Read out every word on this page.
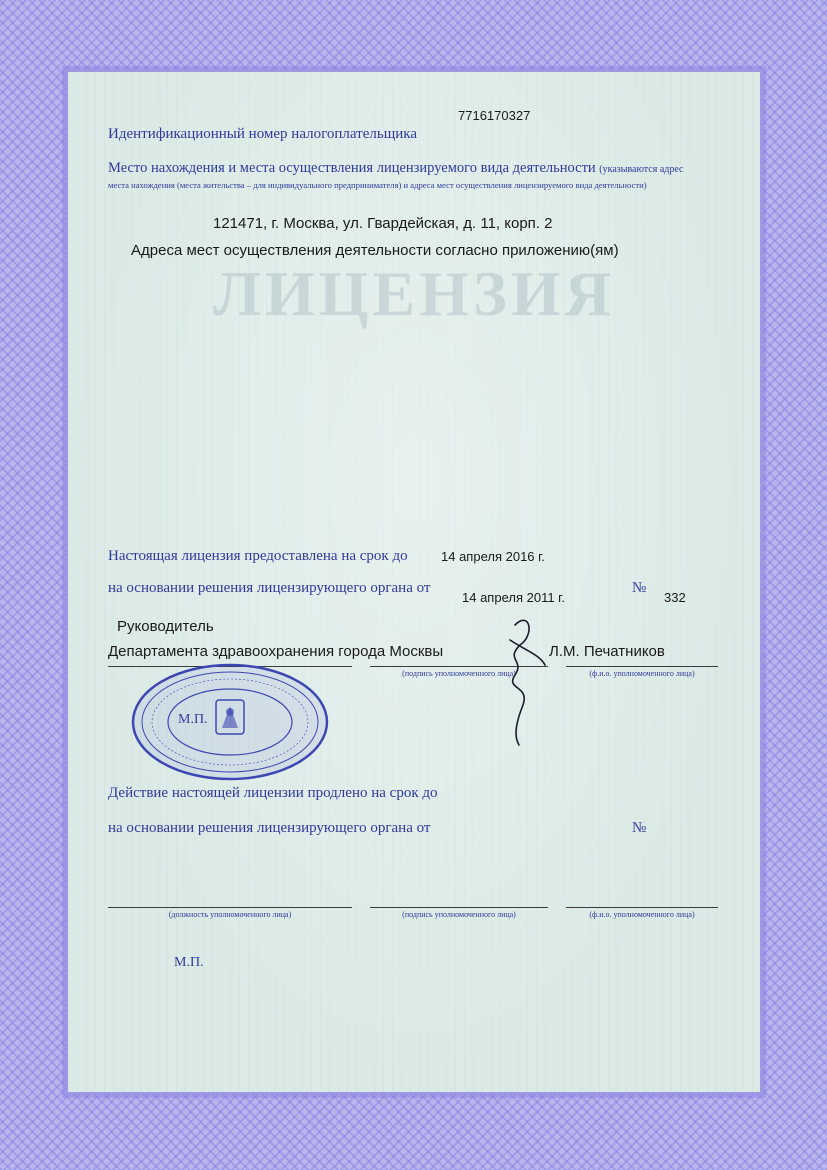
ЛИЦЕНЗИЯ
7716170327
Идентификационный номер налогоплательщика
Место нахождения и места осуществления лицензируемого вида деятельности (указываются адрес
места нахождения (места жительства – для индивидуального предпринимателя) и адреса мест осуществления лицензируемого вида деятельности)
121471, г. Москва, ул. Гвардейская, д. 11, корп. 2
Адреса мест осуществления деятельности согласно приложению(ям)
Настоящая лицензия предоставлена на срок до	14 апреля 2016 г.
на основании решения лицензирующего органа от
14 апреля 2011 г.
№
332
Руководитель
Департамента здравоохранения города Москвы	Л.М. Печатников
(подпись уполномоченного лица)	(ф.и.о. уполномоченного лица)
Действие настоящей лицензии продлено на срок до
на основании решения лицензирующего органа от	№
(должность уполномоченного лица)	(подпись уполномоченного лица)	(ф.и.о. уполномоченного лица)
М.П.
